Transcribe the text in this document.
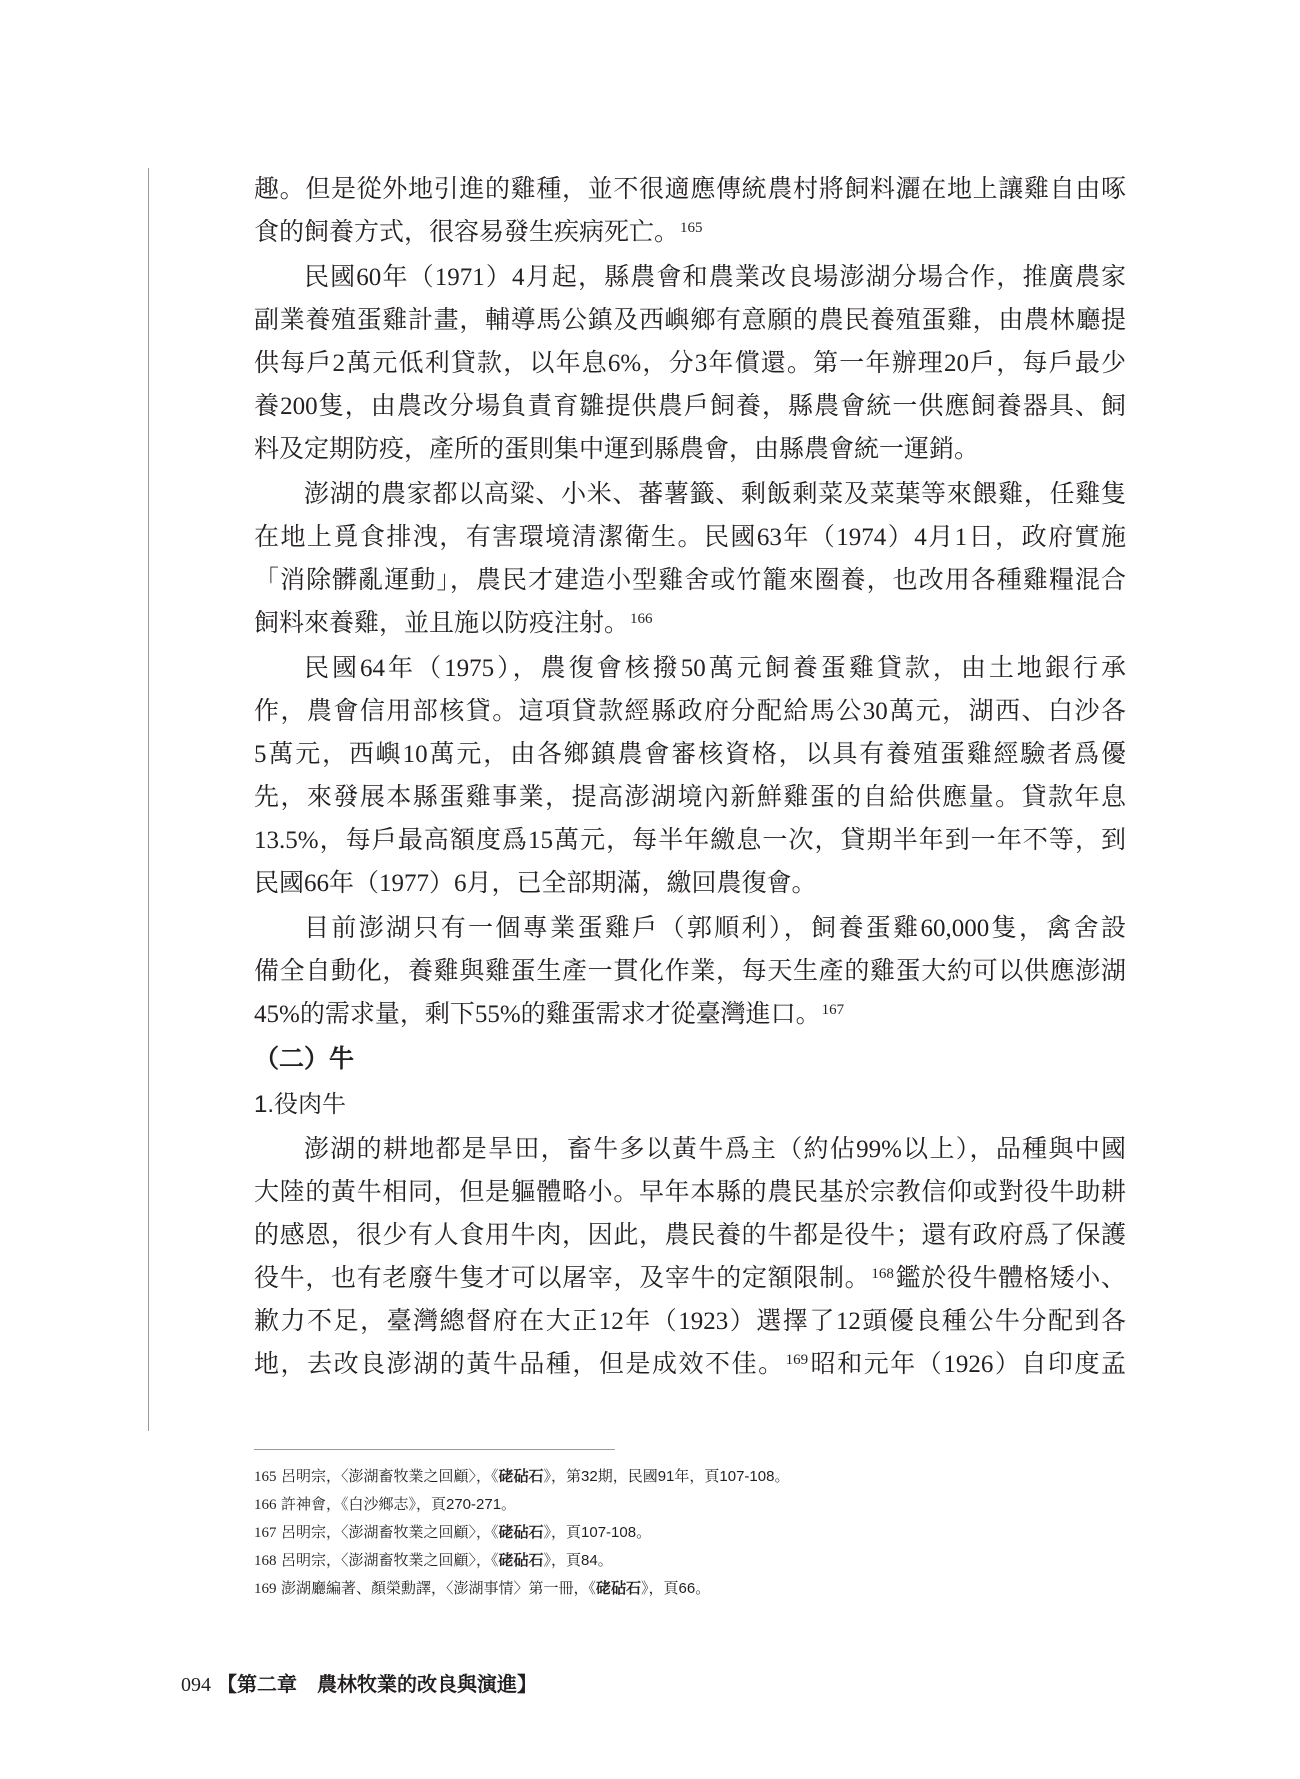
趣。但是從外地引進的雞種，並不很適應傳統農村將飼料灑在地上讓雞自由啄
食的飼養方式，很容易發生疾病死亡。$^{165}$
民國60年（1971）4月起，縣農會和農業改良場澎湖分場合作，推廣農家
副業養殖蛋雞計畫，輔導馬公鎮及西嶼鄉有意願的農民養殖蛋雞，由農林廳提
供每戶2萬元低利貸款，以年息6%，分3年償還。第一年辦理20戶，每戶最少
養200隻，由農改分場負責育雛提供農戶飼養，縣農會統一供應飼養器具、飼
料及定期防疫，產所的蛋則集中運到縣農會，由縣農會統一運銷。
澎湖的農家都以高粱、小米、蕃薯籤、剩飯剩菜及菜葉等來餵雞，任雞隻
在地上覓食排洩，有害環境清潔衛生。民國63年（1974）4月1日，政府實施
「消除髒亂運動」，農民才建造小型雞舍或竹籠來圈養，也改用各種雞糧混合
飼料來養雞，並且施以防疫注射。$^{166}$
民國64年（1975），農復會核撥50萬元飼養蛋雞貸款，由土地銀行承
作，農會信用部核貸。這項貸款經縣政府分配給馬公30萬元，湖西、白沙各
5萬元，西嶼10萬元，由各鄉鎮農會審核資格，以具有養殖蛋雞經驗者爲優
先，來發展本縣蛋雞事業，提高澎湖境內新鮮雞蛋的自給供應量。貸款年息
13.5%，每戶最高額度爲15萬元，每半年繳息一次，貸期半年到一年不等，到
民國66年（1977）6月，已全部期滿，繳回農復會。
目前澎湖只有一個專業蛋雞戶（郭順利），飼養蛋雞60,000隻，禽舍設
備全自動化，養雞與雞蛋生產一貫化作業，每天生產的雞蛋大約可以供應澎湖
45%的需求量，剩下55%的雞蛋需求才從臺灣進口。$^{167}$
（二）牛
1.役肉牛
澎湖的耕地都是旱田，畜牛多以黃牛爲主（約佔99%以上），品種與中國
大陸的黃牛相同，但是軀體略小。早年本縣的農民基於宗教信仰或對役牛助耕
的感恩，很少有人食用牛肉，因此，農民養的牛都是役牛；還有政府爲了保護
役牛，也有老廢牛隻才可以屠宰，及宰牛的定額限制。$^{168}$鑑於役牛體格矮小、
歉力不足，臺灣總督府在大正12年（1923）選擇了12頭優良種公牛分配到各
地，去改良澎湖的黃牛品種，但是成效不佳。$^{169}$昭和元年（1926）自印度孟
165 呂明宗，〈澎湖畜牧業之回顧〉，《硓砧石》，第32期，民國91年，頁107-108。
166 許神會，《白沙鄉志》，頁270-271。
167 呂明宗，〈澎湖畜牧業之回顧〉，《硓砧石》，頁107-108。
168 呂明宗，〈澎湖畜牧業之回顧〉，《硓砧石》，頁84。
169 澎湖廳編著、顏榮勳譯，〈澎湖事情〉第一冊，《硓砧石》，頁66。
094 【第二章　農林牧業的改良與演進】
